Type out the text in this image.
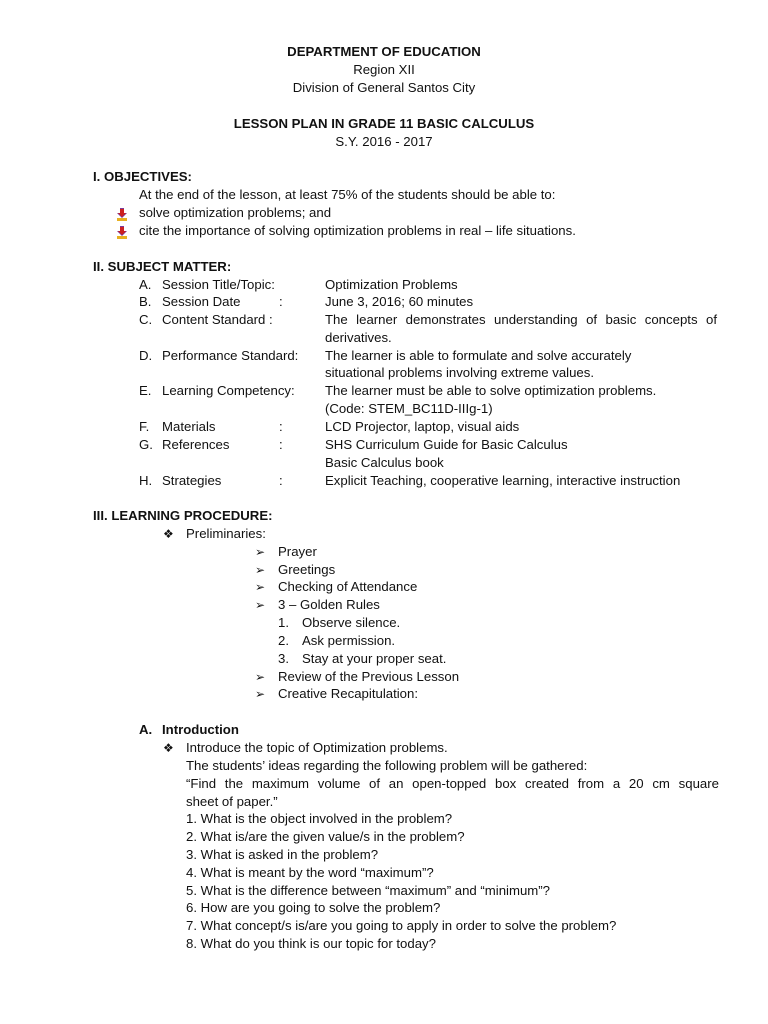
DEPARTMENT OF EDUCATION
Region XII
Division of General Santos City
LESSON PLAN IN GRADE 11 BASIC CALCULUS
S.Y. 2016 - 2017
I. OBJECTIVES:
At the end of the lesson, at least 75% of the students should be able to:
solve optimization problems; and
cite the importance of solving optimization problems in real – life situations.
II. SUBJECT MATTER:
A. Session Title/Topic:	Optimization Problems
B. Session Date	:	June 3, 2016; 60 minutes
C. Content Standard :	The learner demonstrates understanding of basic concepts of
derivatives.
D. Performance Standard: The learner is able to formulate and solve accurately
situational problems involving extreme values.
E. Learning Competency: The learner must be able to solve optimization problems.
(Code: STEM_BC11D-IIIg-1)
F. Materials	:	LCD Projector, laptop, visual aids
G. References	:	SHS Curriculum Guide for Basic Calculus
Basic Calculus book
H. Strategies	:	Explicit Teaching, cooperative learning, interactive instruction
III. LEARNING PROCEDURE:
❖ Preliminaries:
➢ Prayer
➢ Greetings
➢ Checking of Attendance
➢ 3 – Golden Rules
1. Observe silence.
2. Ask permission.
3. Stay at your proper seat.
➢ Review of the Previous Lesson
➢ Creative Recapitulation:
A. Introduction
❖ Introduce the topic of Optimization problems.
The students’ ideas regarding the following problem will be gathered:
“Find the maximum volume of an open-topped box created from a 20 cm square
sheet of paper.”
1. What is the object involved in the problem?
2. What is/are the given value/s in the problem?
3. What is asked in the problem?
4. What is meant by the word “maximum”?
5. What is the difference between “maximum” and “minimum”?
6. How are you going to solve the problem?
7. What concept/s is/are you going to apply in order to solve the problem?
8. What do you think is our topic for today?
